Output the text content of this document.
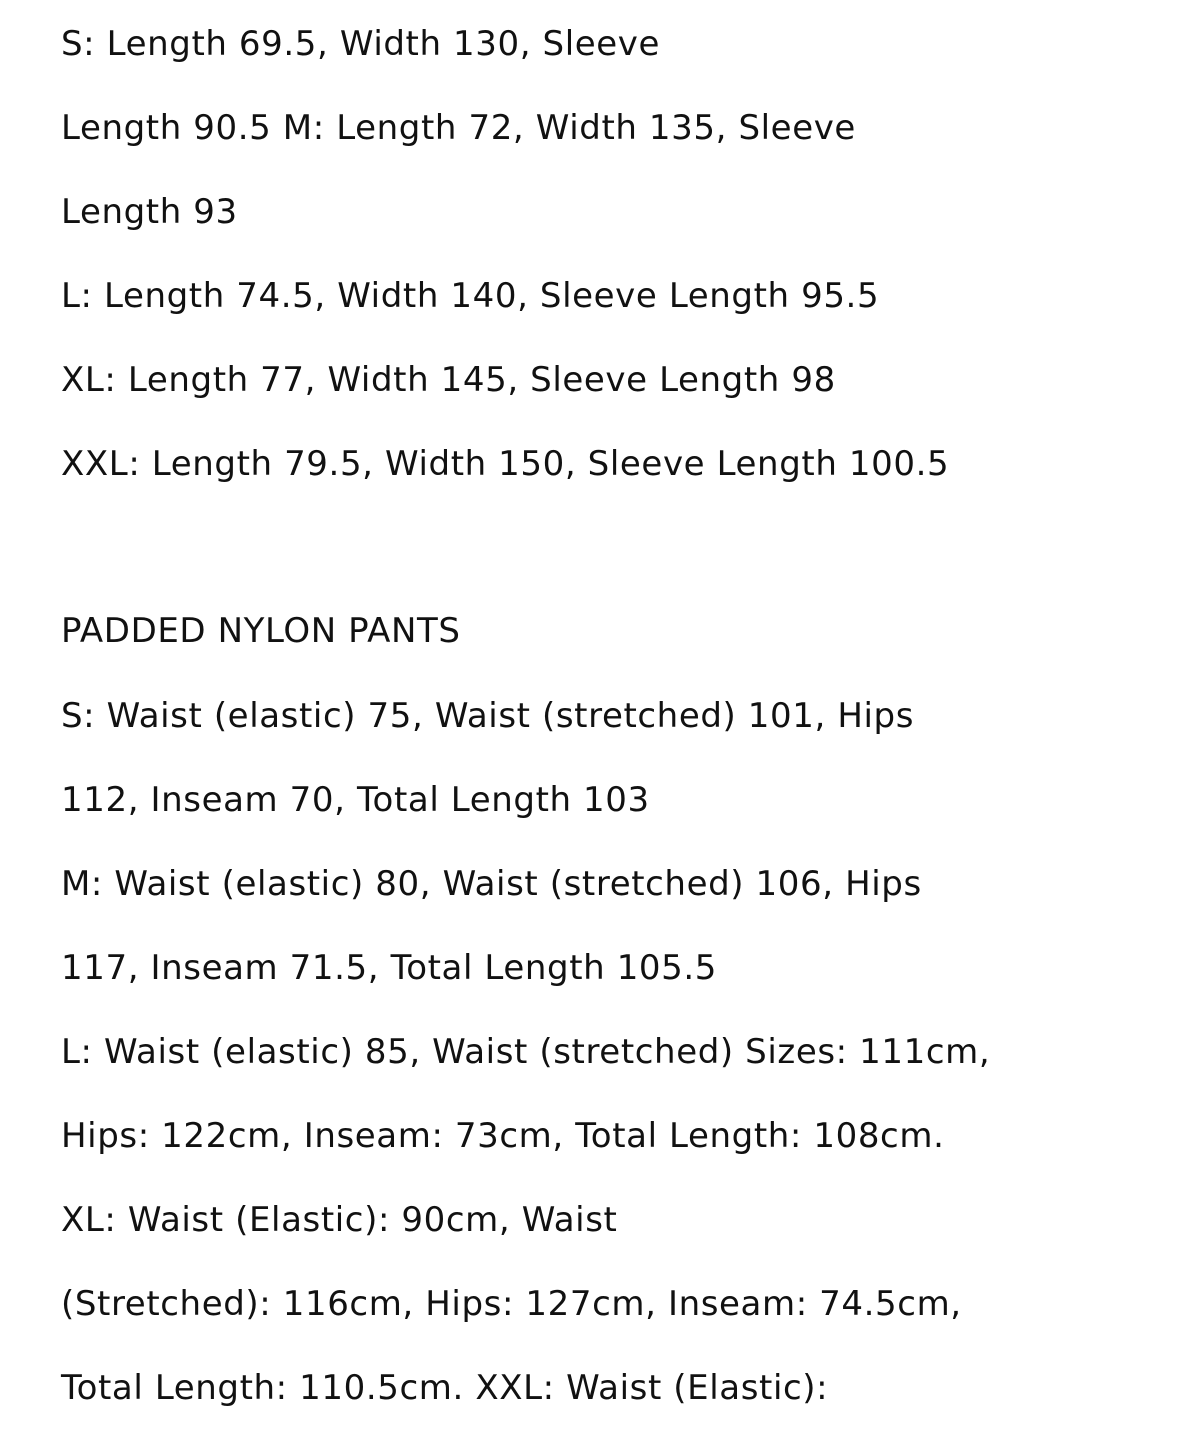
S: Length 69.5, Width 130, Sleeve
Length 90.5 M: Length 72, Width 135, Sleeve
Length 93
L: Length 74.5, Width 140, Sleeve Length 95.5
XL: Length 77, Width 145, Sleeve Length 98
XXL: Length 79.5, Width 150, Sleeve Length 100.5
PADDED NYLON PANTS
S: Waist (elastic) 75, Waist (stretched) 101, Hips
112, Inseam 70, Total Length 103
M: Waist (elastic) 80, Waist (stretched) 106, Hips
117, Inseam 71.5, Total Length 105.5
L: Waist (elastic) 85, Waist (stretched) Sizes: 111cm,
Hips: 122cm, Inseam: 73cm, Total Length: 108cm.
XL: Waist (Elastic): 90cm, Waist
(Stretched): 116cm, Hips: 127cm, Inseam: 74.5cm,
Total Length: 110.5cm. XXL: Waist (Elastic):
